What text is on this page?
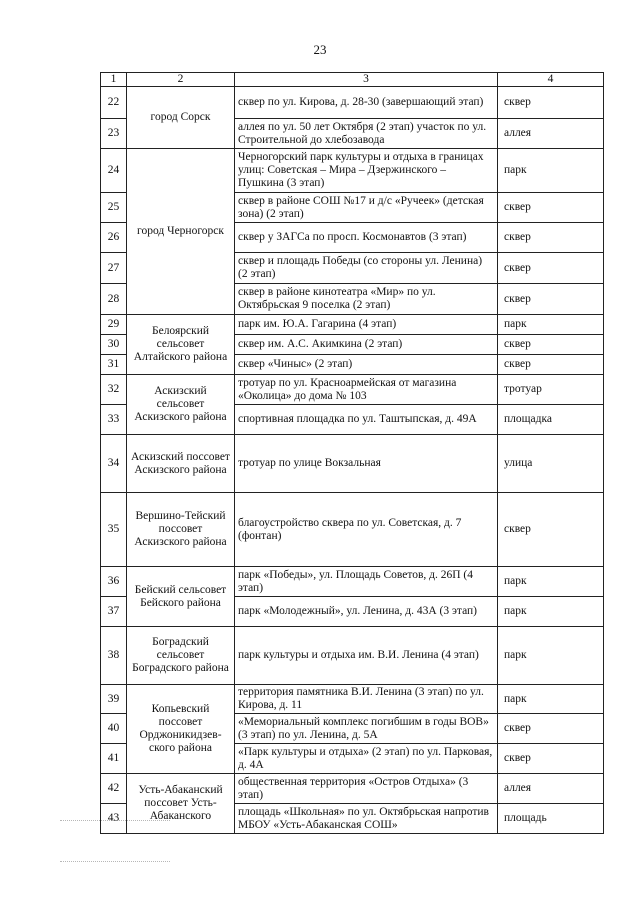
23
1	2	3	4
22	город Сорск	сквер по ул. Кирова, д. 28-30 (завершающий этап)	сквер
23		аллея по ул. 50 лет Октября (2 этап) участок по ул. Строительной до хлебозавода	аллея
24	город Черногорск	Черногорский парк культуры и отдыха в границах улиц: Советская – Мира – Дзержинского – Пушкина (3 этап)	парк
25		сквер в районе СОШ №17 и д/с «Ручеек» (детская зона) (2 этап)	сквер
26		сквер у ЗАГСа по просп. Космонавтов (3 этап)	сквер
27		сквер и площадь Победы (со стороны ул. Ленина) (2 этап)	сквер
28		сквер в районе кинотеатра «Мир» по ул. Октябрьская 9 поселка (2 этап)	сквер
29	Белоярский сельсовет Алтайского района	парк им. Ю.А. Гагарина (4 этап)	парк
30		сквер им. А.С. Акимкина (2 этап)	сквер
31		сквер «Чиныс» (2 этап)	сквер
32	Аскизский сельсовет Аскизского района	тротуар по ул. Красноармейская от магазина «Околица» до дома № 103	тротуар
33		спортивная площадка по ул. Таштыпская, д. 49А	площадка
34	Аскизский поссовет Аскизского района	тротуар по улице Вокзальная	улица
35	Вершино-Тейский поссовет Аскизского района	благоустройство сквера по ул. Советская, д. 7 (фонтан)	сквер
36	Бейский сельсовет Бейского района	парк «Победы», ул. Площадь Советов, д. 26П (4 этап)	парк
37		парк «Молодежный», ул. Ленина, д. 43А (3 этап)	парк
38	Боградский сельсовет Боградского района	парк культуры и отдыха им. В.И. Ленина (4 этап)	парк
39	Копьевский поссовет Орджоникидзев-ского района	территория памятника В.И. Ленина (3 этап) по ул. Кирова, д. 11	парк
40		«Мемориальный комплекс погибшим в годы ВОВ» (3 этап) по ул. Ленина, д. 5А	сквер
41		«Парк культуры и отдыха» (2 этап) по ул. Парковая, д. 4А	сквер
42	Усть-Абаканский поссовет Усть-Абаканского	общественная территория «Остров Отдыха» (3 этап)	аллея
43		площадь «Школьная» по ул. Октябрьская напротив МБОУ «Усть-Абаканская СОШ»	площадь
